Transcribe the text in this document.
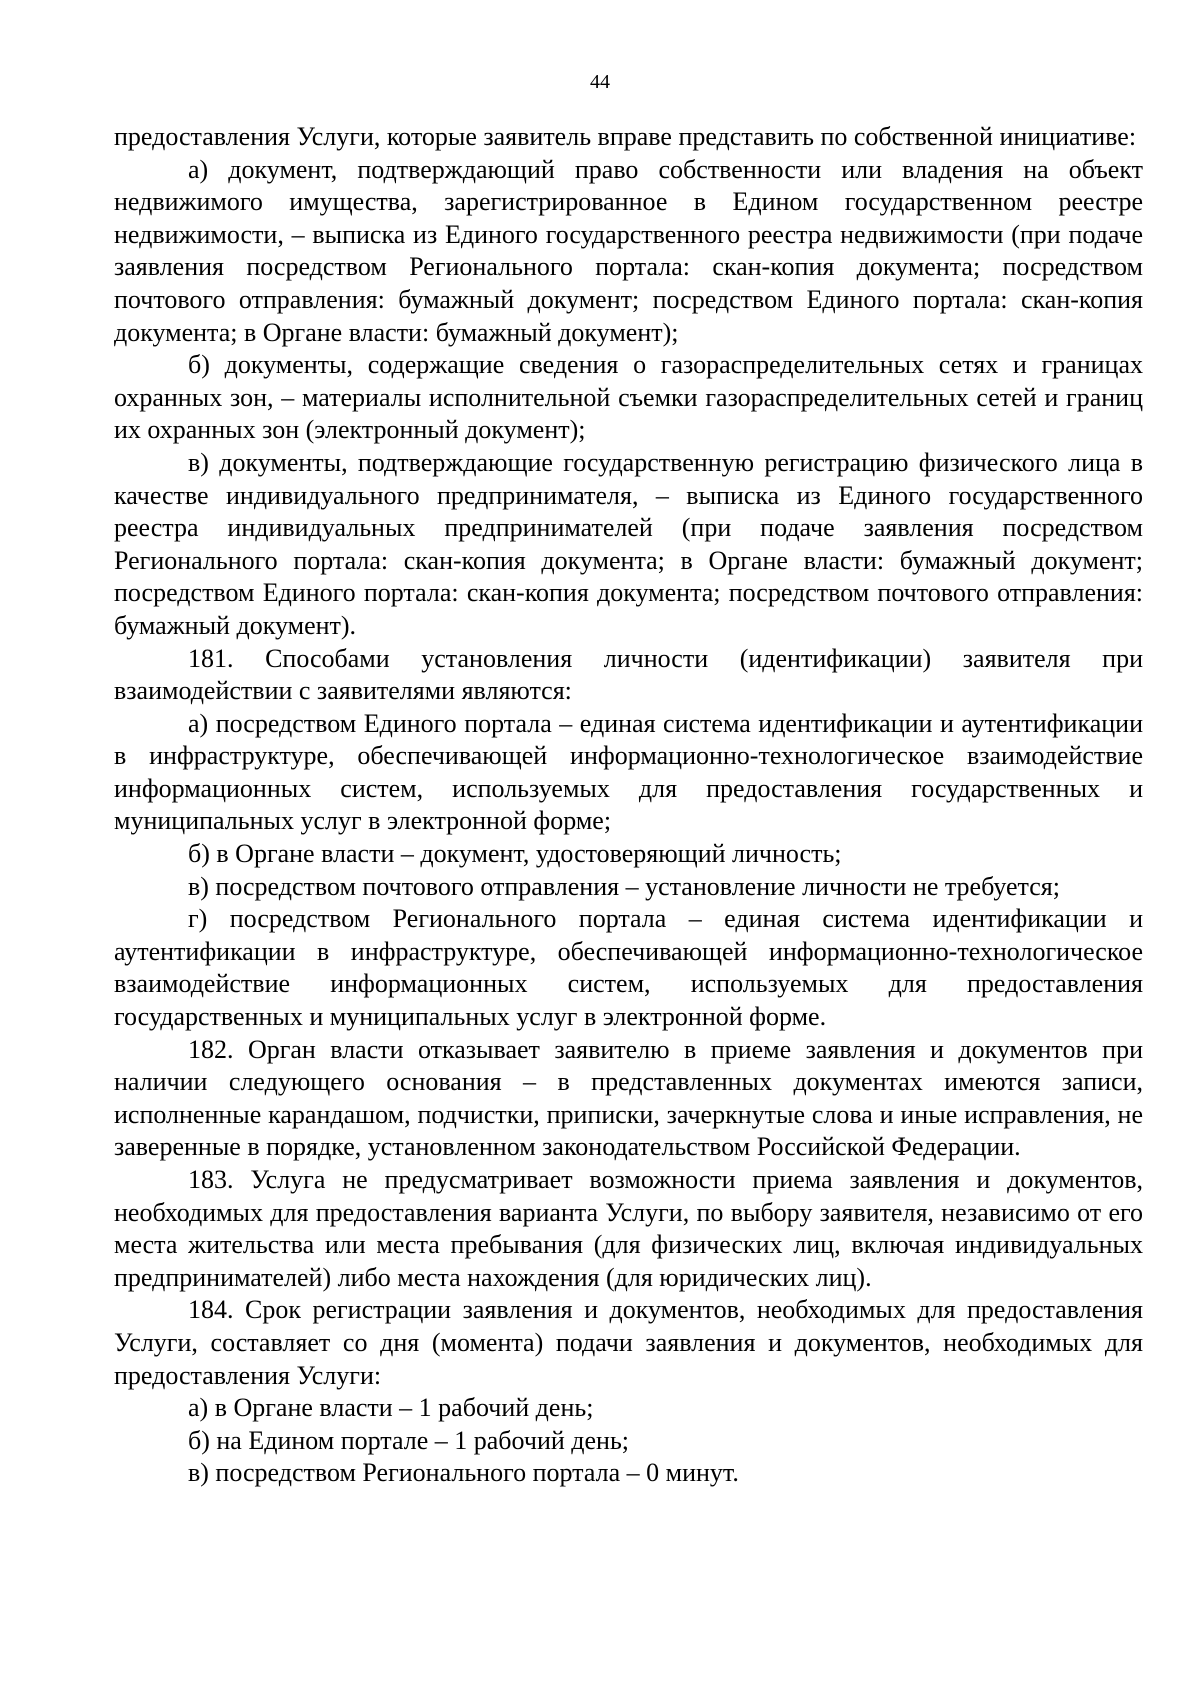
44

предоставления Услуги, которые заявитель вправе представить по собственной инициативе:

а) документ, подтверждающий право собственности или владения на объект недвижимого имущества, зарегистрированное в Едином государственном реестре недвижимости, – выписка из Единого государственного реестра недвижимости (при подаче заявления посредством Регионального портала: скан-копия документа; посредством почтового отправления: бумажный документ; посредством Единого портала: скан-копия документа; в Органе власти: бумажный документ);

б) документы, содержащие сведения о газораспределительных сетях и границах охранных зон, – материалы исполнительной съемки газораспределительных сетей и границ их охранных зон (электронный документ);

в) документы, подтверждающие государственную регистрацию физического лица в качестве индивидуального предпринимателя, – выписка из Единого государственного реестра индивидуальных предпринимателей (при подаче заявления посредством Регионального портала: скан-копия документа; в Органе власти: бумажный документ; посредством Единого портала: скан-копия документа; посредством почтового отправления: бумажный документ).

181. Способами установления личности (идентификации) заявителя при взаимодействии с заявителями являются:

а) посредством Единого портала – единая система идентификации и аутентификации в инфраструктуре, обеспечивающей информационно-технологическое взаимодействие информационных систем, используемых для предоставления государственных и муниципальных услуг в электронной форме;

б) в Органе власти – документ, удостоверяющий личность;

в) посредством почтового отправления – установление личности не требуется;

г) посредством Регионального портала – единая система идентификации и аутентификации в инфраструктуре, обеспечивающей информационно-технологическое взаимодействие информационных систем, используемых для предоставления государственных и муниципальных услуг в электронной форме.

182. Орган власти отказывает заявителю в приеме заявления и документов при наличии следующего основания – в представленных документах имеются записи, исполненные карандашом, подчистки, приписки, зачеркнутые слова и иные исправления, не заверенные в порядке, установленном законодательством Российской Федерации.

183. Услуга не предусматривает возможности приема заявления и документов, необходимых для предоставления варианта Услуги, по выбору заявителя, независимо от его места жительства или места пребывания (для физических лиц, включая индивидуальных предпринимателей) либо места нахождения (для юридических лиц).

184. Срок регистрации заявления и документов, необходимых для предоставления Услуги, составляет со дня (момента) подачи заявления и документов, необходимых для предоставления Услуги:

а) в Органе власти – 1 рабочий день;

б) на Едином портале – 1 рабочий день;

в) посредством Регионального портала – 0 минут.
